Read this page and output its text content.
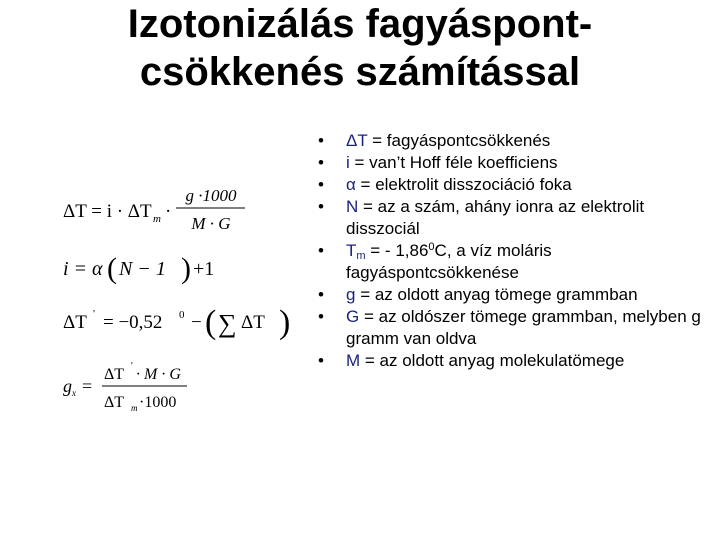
Izotonizálás fagyáspont-
csökkenés számítással
•	ΔT = fagyáspontcsökkenés
•	i = van’t Hoff féle koefficiens
•	α = elektrolit disszociáció foka
•	N = az a szám, ahány ionra az elektrolit disszociál
•	$T_m$ = - 1,86$^0$C, a víz moláris fagyáspontcsökkenése
•	g = az oldott anyag tömege grammban
•	G = az oldószer tömege grammban, melyben g gramm van oldva
•	M = az oldott anyag molekulatömege
ΔT = i · ΔT m ·
g ·1000
M · G
i = α ( N − 1 ) +1
ΔT ' = −0,52 0 − ( ∑ ΔT )
g x =
ΔT ' · M · G
ΔT m ·1000
